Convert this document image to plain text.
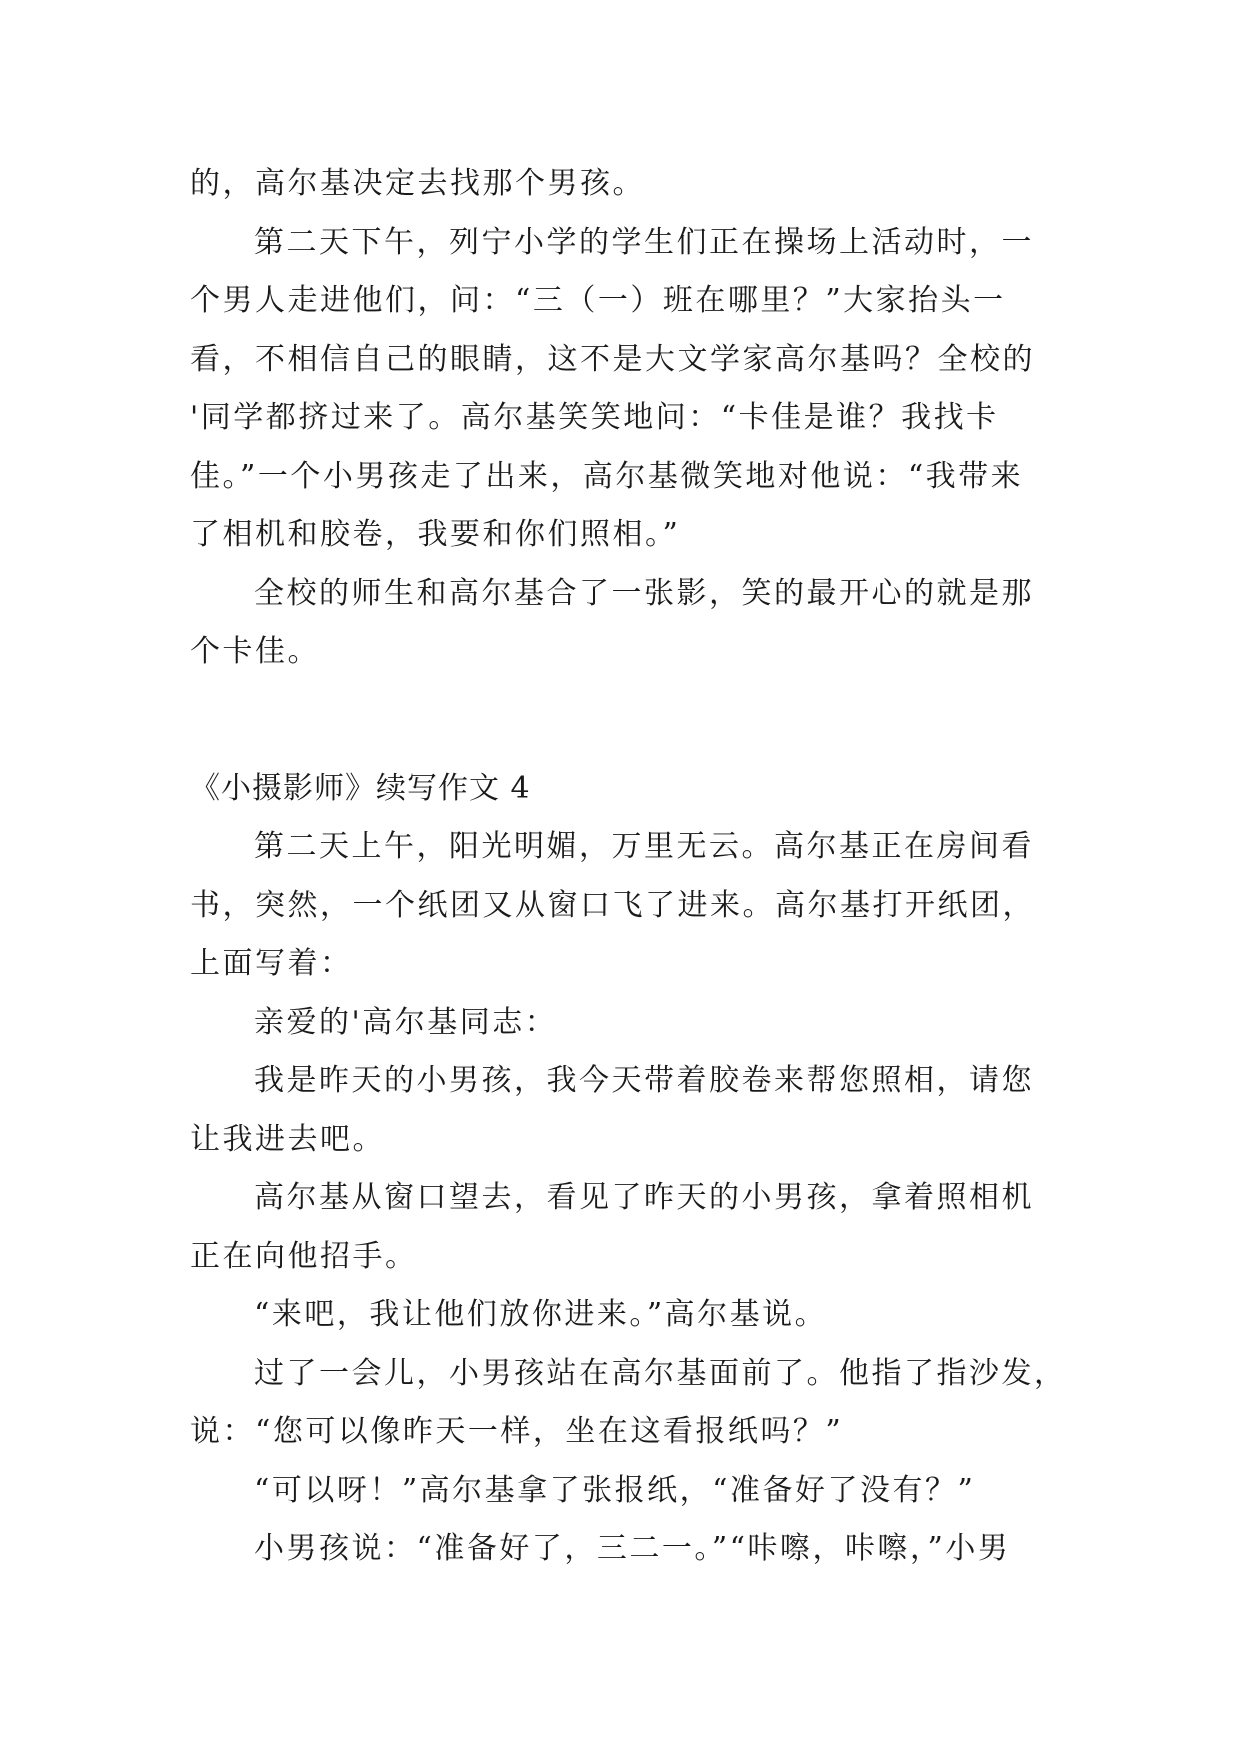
的，高尔基决定去找那个男孩。
第二天下午，列宁小学的学生们正在操场上活动时，一
个男人走进他们，问：“三（一）班在哪里？”大家抬头一
看，不相信自己的眼睛，这不是大文学家高尔基吗？全校的
'同学都挤过来了。高尔基笑笑地问：“卡佳是谁？我找卡
佳。”一个小男孩走了出来，高尔基微笑地对他说：“我带来
了相机和胶卷，我要和你们照相。”
全校的师生和高尔基合了一张影，笑的最开心的就是那
个卡佳。
《小摄影师》续写作文 4
第二天上午，阳光明媚，万里无云。高尔基正在房间看
书，突然，一个纸团又从窗口飞了进来。高尔基打开纸团，
上面写着：
亲爱的'高尔基同志：
我是昨天的小男孩，我今天带着胶卷来帮您照相，请您
让我进去吧。
高尔基从窗口望去，看见了昨天的小男孩，拿着照相机
正在向他招手。
“来吧，我让他们放你进来。”高尔基说。
过了一会儿，小男孩站在高尔基面前了。他指了指沙发，
说：“您可以像昨天一样，坐在这看报纸吗？”
“可以呀！”高尔基拿了张报纸，“准备好了没有？”
小男孩说：“准备好了，三二一。”“咔嚓，咔嚓，”小男
